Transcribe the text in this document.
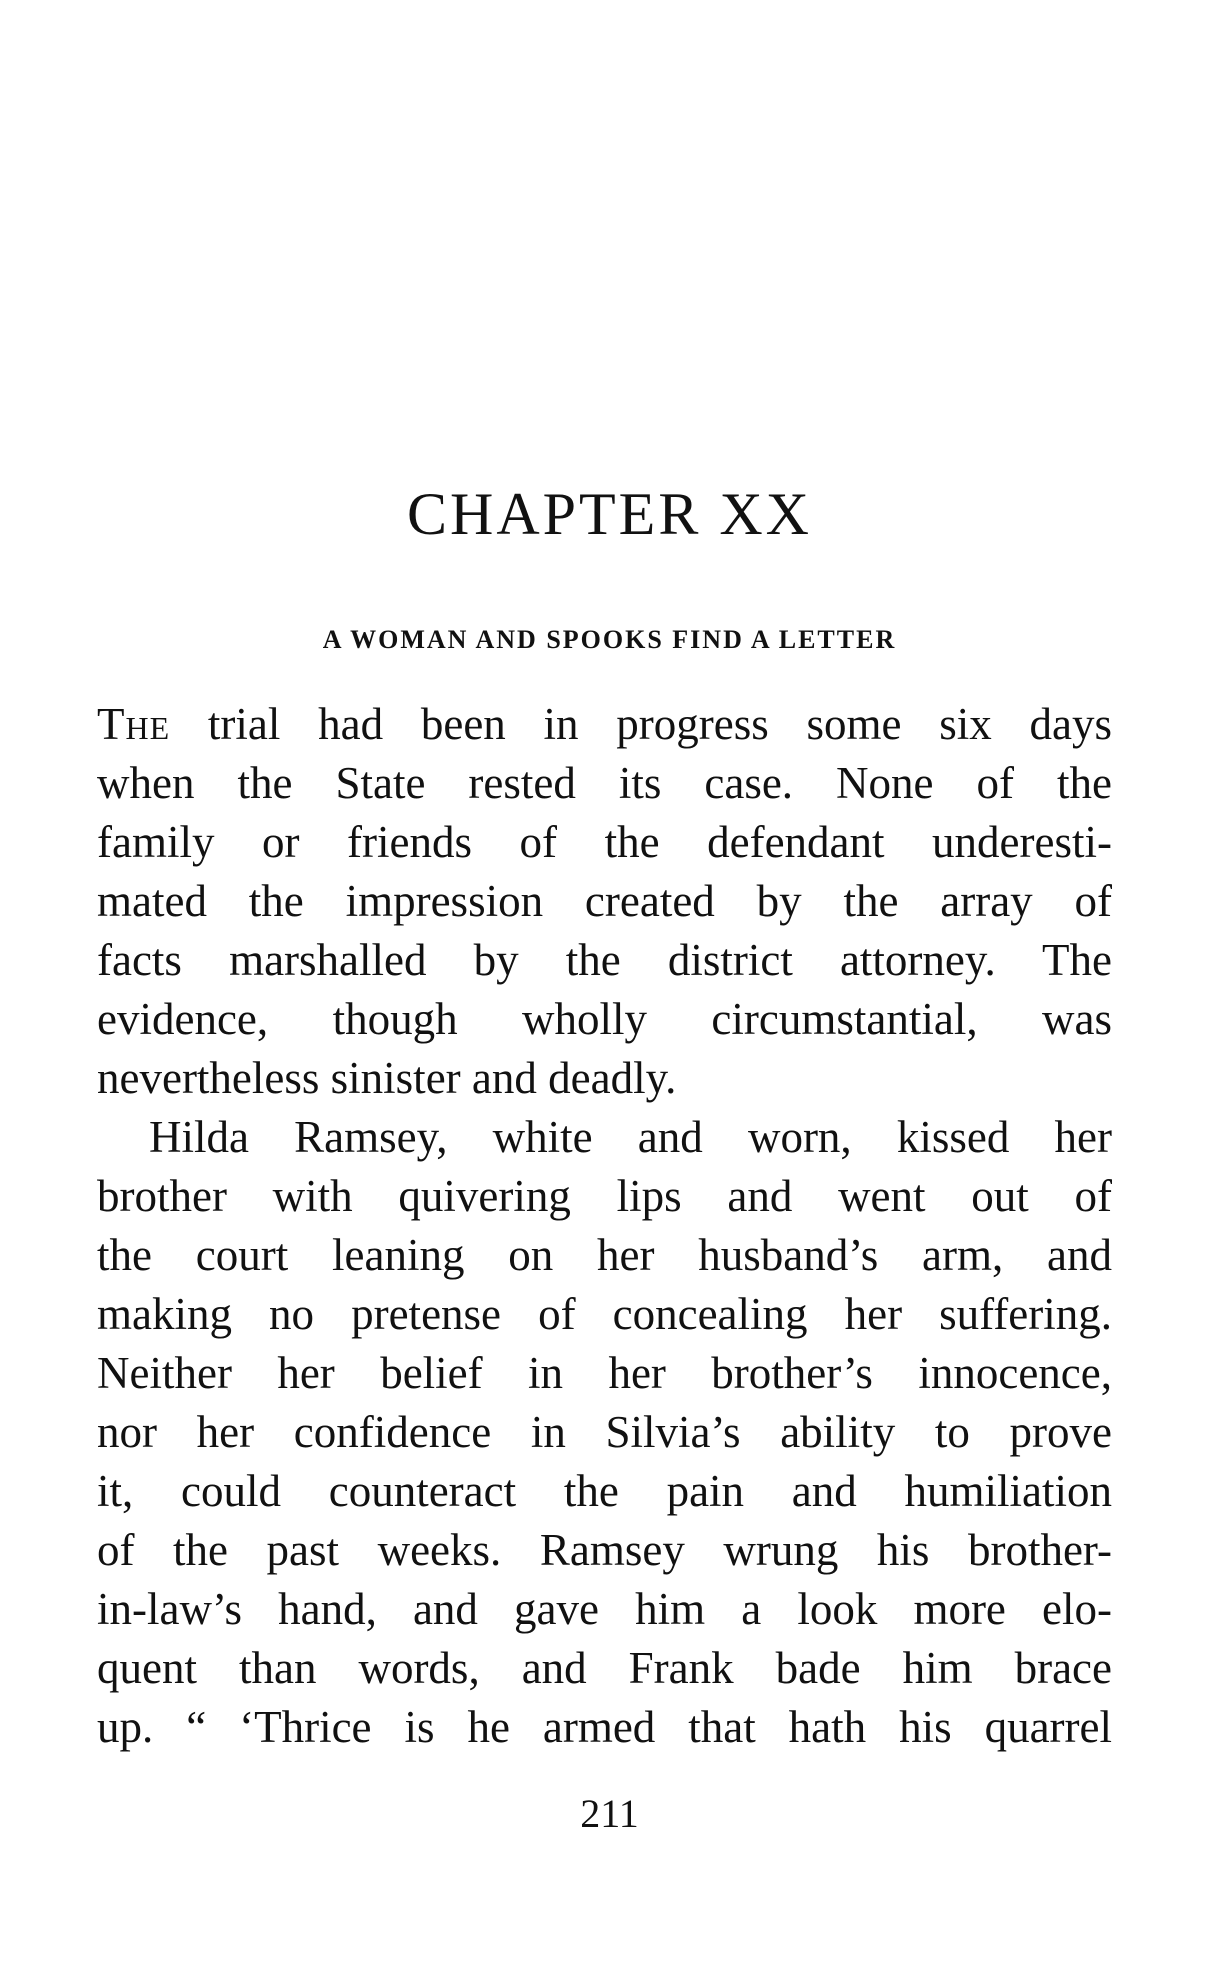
CHAPTER XX
A WOMAN AND SPOOKS FIND A LETTER
The trial had been in progress some six days
when the State rested its case. None of the
family or friends of the defendant underesti-
mated the impression created by the array of
facts marshalled by the district attorney. The
evidence, though wholly circumstantial, was
nevertheless sinister and deadly.
Hilda Ramsey, white and worn, kissed her
brother with quivering lips and went out of
the court leaning on her husband’s arm, and
making no pretense of concealing her suffering.
Neither her belief in her brother’s innocence,
nor her confidence in Silvia’s ability to prove
it, could counteract the pain and humiliation
of the past weeks. Ramsey wrung his brother-
in-law’s hand, and gave him a look more elo-
quent than words, and Frank bade him brace
up. “ ‘Thrice is he armed that hath his quarrel
211
